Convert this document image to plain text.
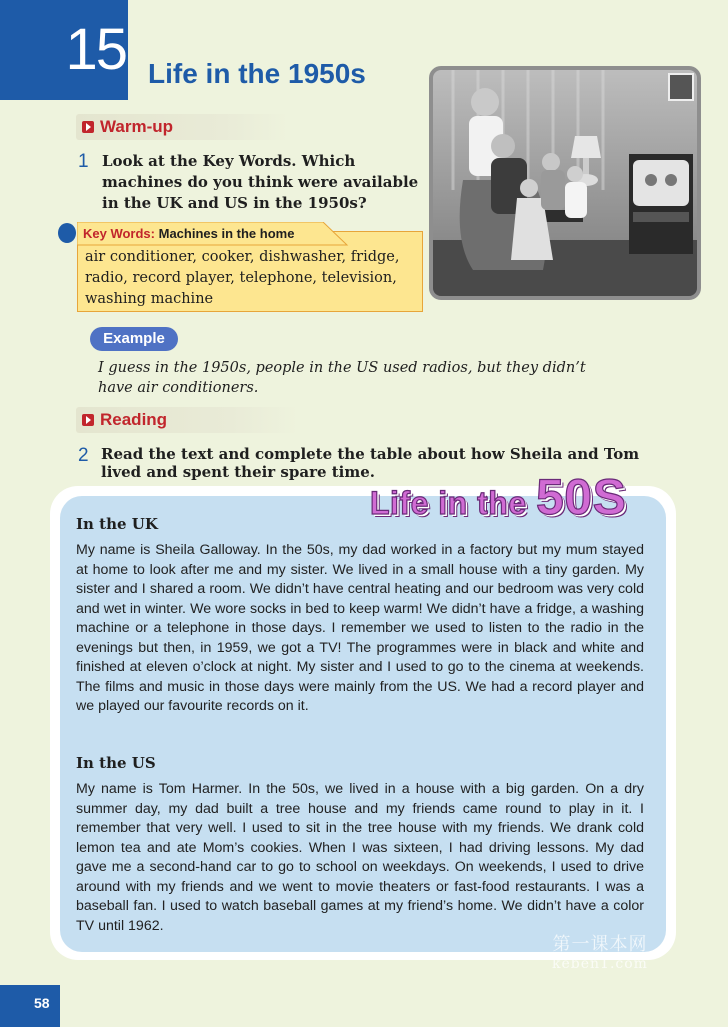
15 Life in the 1950s
Warm-up
1 Look at the Key Words. Which machines do you think were available in the UK and US in the 1950s?
Key Words: Machines in the home
air conditioner, cooker, dishwasher, fridge, radio, record player, telephone, television, washing machine
Example
I guess in the 1950s, people in the US used radios, but they didn’t have air conditioners.
Reading
2 Read the text and complete the table about how Sheila and Tom lived and spent their spare time.
Life in the 50S
In the UK
My name is Sheila Galloway. In the 50s, my dad worked in a factory but my mum stayed at home to look after me and my sister. We lived in a small house with a tiny garden. My sister and I shared a room. We didn’t have central heating and our bedroom was very cold and wet in winter. We wore socks in bed to keep warm! We didn’t have a fridge, a washing machine or a telephone in those days. I remember we used to listen to the radio in the evenings but then, in 1959, we got a TV! The programmes were in black and white and finished at eleven o’clock at night. My sister and I used to go to the cinema at weekends. The films and music in those days were mainly from the US. We had a record player and we played our favourite records on it.
In the US
My name is Tom Harmer. In the 50s, we lived in a house with a big garden. On a dry summer day, my dad built a tree house and my friends came round to play in it. I remember that very well. I used to sit in the tree house with my friends. We drank cold lemon tea and ate Mom’s cookies. When I was sixteen, I had driving lessons. My dad gave me a second-hand car to go to school on weekdays. On weekends, I used to drive around with my friends and we went to movie theaters or fast-food restaurants. I was a baseball fan. I used to watch baseball games at my friend’s home. We didn’t have a color TV until 1962.
第一课本网
keben1.com
58
